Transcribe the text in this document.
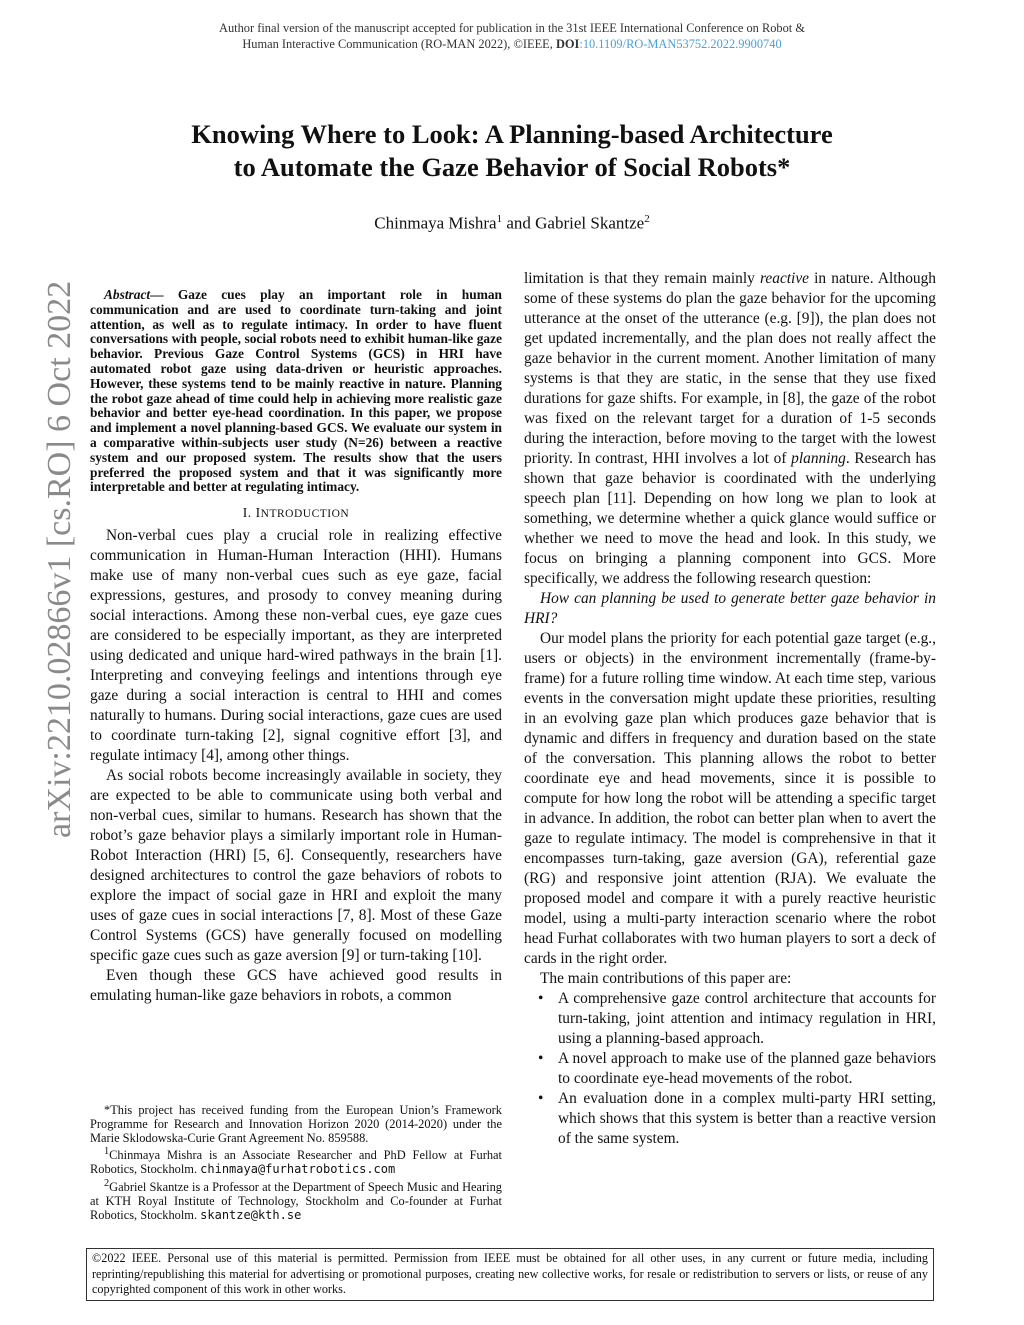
Author final version of the manuscript accepted for publication in the 31st IEEE International Conference on Robot &
Human Interactive Communication (RO-MAN 2022), ©IEEE, DOI:10.1109/RO-MAN53752.2022.9900740
arXiv:2210.02866v1 [cs.RO] 6 Oct 2022
Knowing Where to Look: A Planning-based Architecture
to Automate the Gaze Behavior of Social Robots*
Chinmaya Mishra$^1$ and Gabriel Skantze$^2$

Abstract— Gaze cues play an important role in human communication and are used to coordinate turn-taking and joint attention, as well as to regulate intimacy. In order to have fluent conversations with people, social robots need to exhibit human-like gaze behavior. Previous Gaze Control Systems (GCS) in HRI have automated robot gaze using data-driven or heuristic approaches. However, these systems tend to be mainly reactive in nature. Planning the robot gaze ahead of time could help in achieving more realistic gaze behavior and better eye-head coordination. In this paper, we propose and implement a novel planning-based GCS. We evaluate our system in a comparative within-subjects user study (N=26) between a reactive system and our proposed system. The results show that the users preferred the proposed system and that it was significantly more interpretable and better at regulating intimacy.

I. INTRODUCTION

Non-verbal cues play a crucial role in realizing effective communication in Human-Human Interaction (HHI). Humans make use of many non-verbal cues such as eye gaze, facial expressions, gestures, and prosody to convey meaning during social interactions. Among these non-verbal cues, eye gaze cues are considered to be especially important, as they are interpreted using dedicated and unique hard-wired pathways in the brain [1]. Interpreting and conveying feelings and intentions through eye gaze during a social interaction is central to HHI and comes naturally to humans. During social interactions, gaze cues are used to coordinate turn-taking [2], signal cognitive effort [3], and regulate intimacy [4], among other things.

As social robots become increasingly available in society, they are expected to be able to communicate using both verbal and non-verbal cues, similar to humans. Research has shown that the robot’s gaze behavior plays a similarly important role in Human-Robot Interaction (HRI) [5, 6]. Consequently, researchers have designed architectures to control the gaze behaviors of robots to explore the impact of social gaze in HRI and exploit the many uses of gaze cues in social interactions [7, 8]. Most of these Gaze Control Systems (GCS) have generally focused on modelling specific gaze cues such as gaze aversion [9] or turn-taking [10].

Even though these GCS have achieved good results in emulating human-like gaze behaviors in robots, a common

*This project has received funding from the European Union’s Framework Programme for Research and Innovation Horizon 2020 (2014-2020) under the Marie Sklodowska-Curie Grant Agreement No. 859588.

$^1$Chinmaya Mishra is an Associate Researcher and PhD Fellow at Furhat Robotics, Stockholm. chinmaya@furhatrobotics.com

$^2$Gabriel Skantze is a Professor at the Department of Speech Music and Hearing at KTH Royal Institute of Technology, Stockholm and Co-founder at Furhat Robotics, Stockholm. skantze@kth.se

limitation is that they remain mainly reactive in nature. Although some of these systems do plan the gaze behavior for the upcoming utterance at the onset of the utterance (e.g. [9]), the plan does not get updated incrementally, and the plan does not really affect the gaze behavior in the current moment. Another limitation of many systems is that they are static, in the sense that they use fixed durations for gaze shifts. For example, in [8], the gaze of the robot was fixed on the relevant target for a duration of 1-5 seconds during the interaction, before moving to the target with the lowest priority. In contrast, HHI involves a lot of planning. Research has shown that gaze behavior is coordinated with the underlying speech plan [11]. Depending on how long we plan to look at something, we determine whether a quick glance would suffice or whether we need to move the head and look. In this study, we focus on bringing a planning component into GCS. More specifically, we address the following research question:

How can planning be used to generate better gaze behavior in HRI?

Our model plans the priority for each potential gaze target (e.g., users or objects) in the environment incrementally (frame-by-frame) for a future rolling time window. At each time step, various events in the conversation might update these priorities, resulting in an evolving gaze plan which produces gaze behavior that is dynamic and differs in frequency and duration based on the state of the conversation. This planning allows the robot to better coordinate eye and head movements, since it is possible to compute for how long the robot will be attending a specific target in advance. In addition, the robot can better plan when to avert the gaze to regulate intimacy. The model is comprehensive in that it encompasses turn-taking, gaze aversion (GA), referential gaze (RG) and responsive joint attention (RJA). We evaluate the proposed model and compare it with a purely reactive heuristic model, using a multi-party interaction scenario where the robot head Furhat collaborates with two human players to sort a deck of cards in the right order.

The main contributions of this paper are:

• A comprehensive gaze control architecture that accounts for turn-taking, joint attention and intimacy regulation in HRI, using a planning-based approach.
• A novel approach to make use of the planned gaze behaviors to coordinate eye-head movements of the robot.
• An evaluation done in a complex multi-party HRI setting, which shows that this system is better than a reactive version of the same system.
©2022 IEEE. Personal use of this material is permitted. Permission from IEEE must be obtained for all other uses, in any current or future media, including reprinting/republishing this material for advertising or promotional purposes, creating new collective works, for resale or redistribution to servers or lists, or reuse of any copyrighted component of this work in other works.
